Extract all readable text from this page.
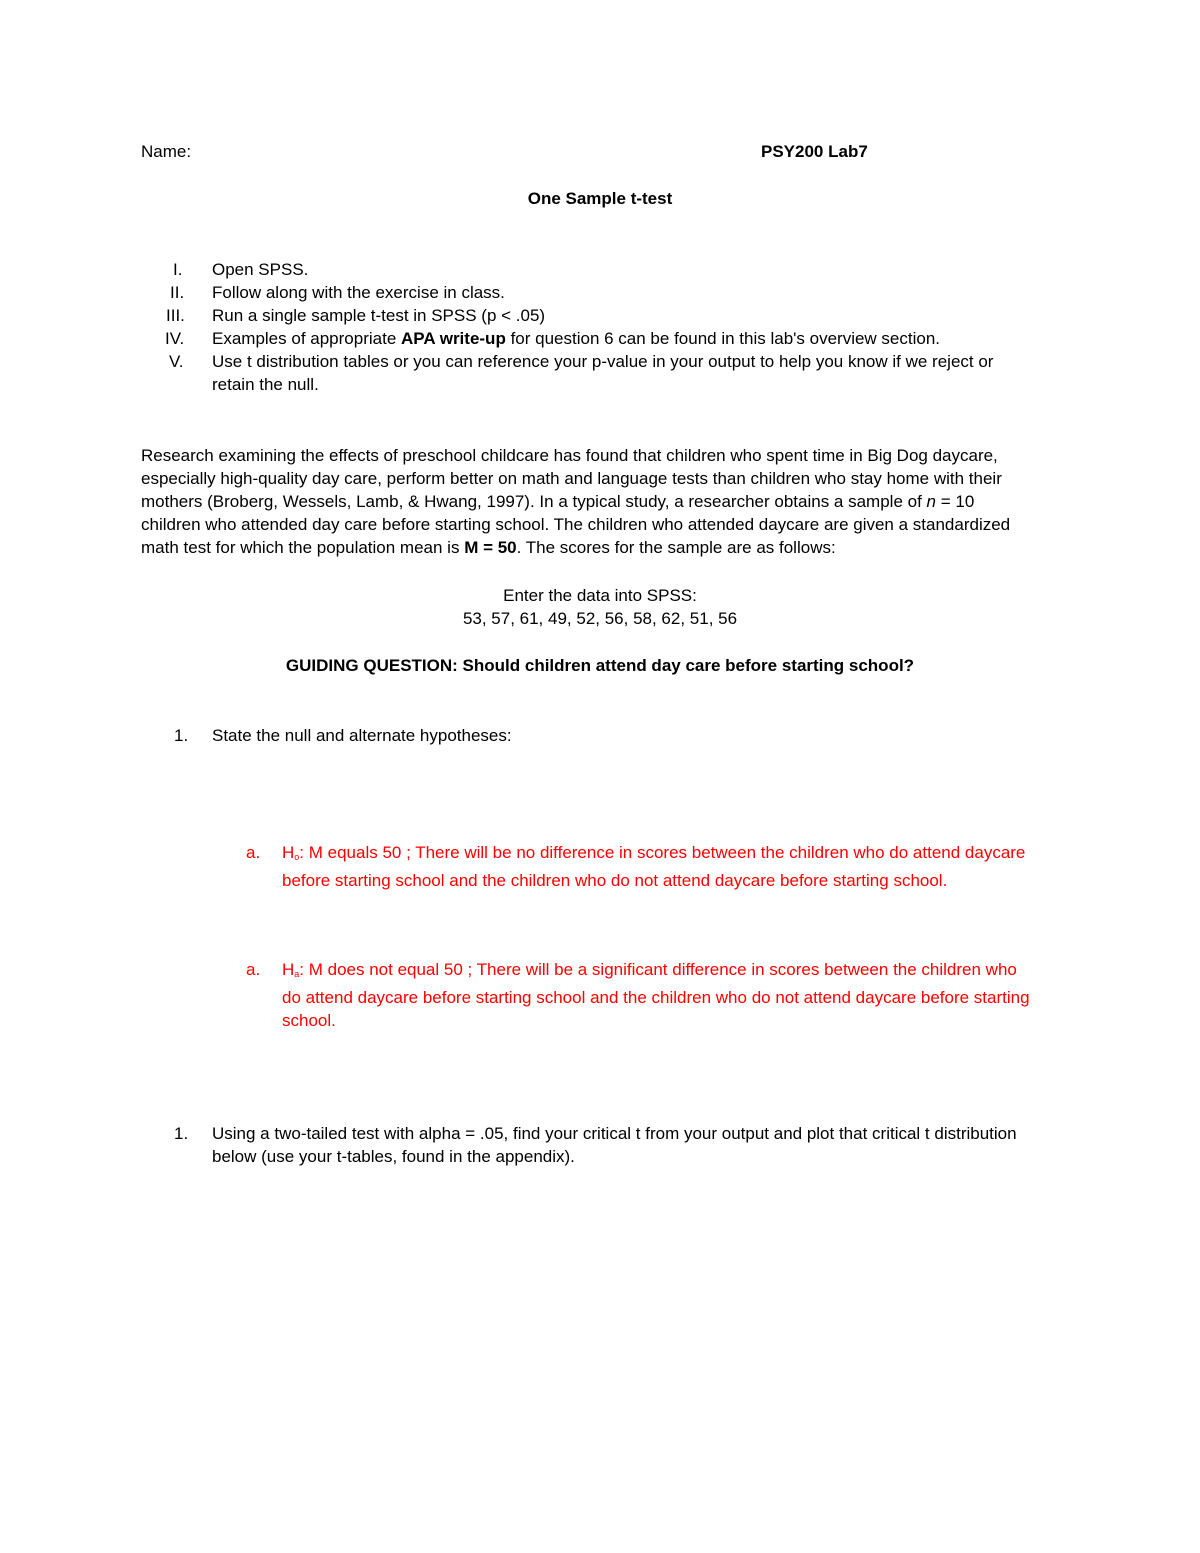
Name:	PSY200 Lab7
One Sample t-test
I. Open SPSS.
II. Follow along with the exercise in class.
III. Run a single sample t-test in SPSS (p < .05)
IV. Examples of appropriate APA write-up for question 6 can be found in this lab's overview section.
V. Use t distribution tables or you can reference your p-value in your output to help you know if we reject or
retain the null.
Research examining the effects of preschool childcare has found that children who spent time in Big Dog daycare,
especially high-quality day care, perform better on math and language tests than children who stay home with their
mothers (Broberg, Wessels, Lamb, & Hwang, 1997). In a typical study, a researcher obtains a sample of n = 10
children who attended day care before starting school. The children who attended daycare are given a standardized
math test for which the population mean is M = 50. The scores for the sample are as follows:
Enter the data into SPSS:
53, 57, 61, 49, 52, 56, 58, 62, 51, 56
GUIDING QUESTION: Should children attend day care before starting school?
1. State the null and alternate hypotheses:
a. $H_o$: M equals 50 ; There will be no difference in scores between the children who do attend daycare
before starting school and the children who do not attend daycare before starting school.
a. $H_a$: M does not equal 50 ; There will be a significant difference in scores between the children who
do attend daycare before starting school and the children who do not attend daycare before starting
school.
1. Using a two-tailed test with alpha = .05, find your critical t from your output and plot that critical t distribution
below (use your t-tables, found in the appendix).
